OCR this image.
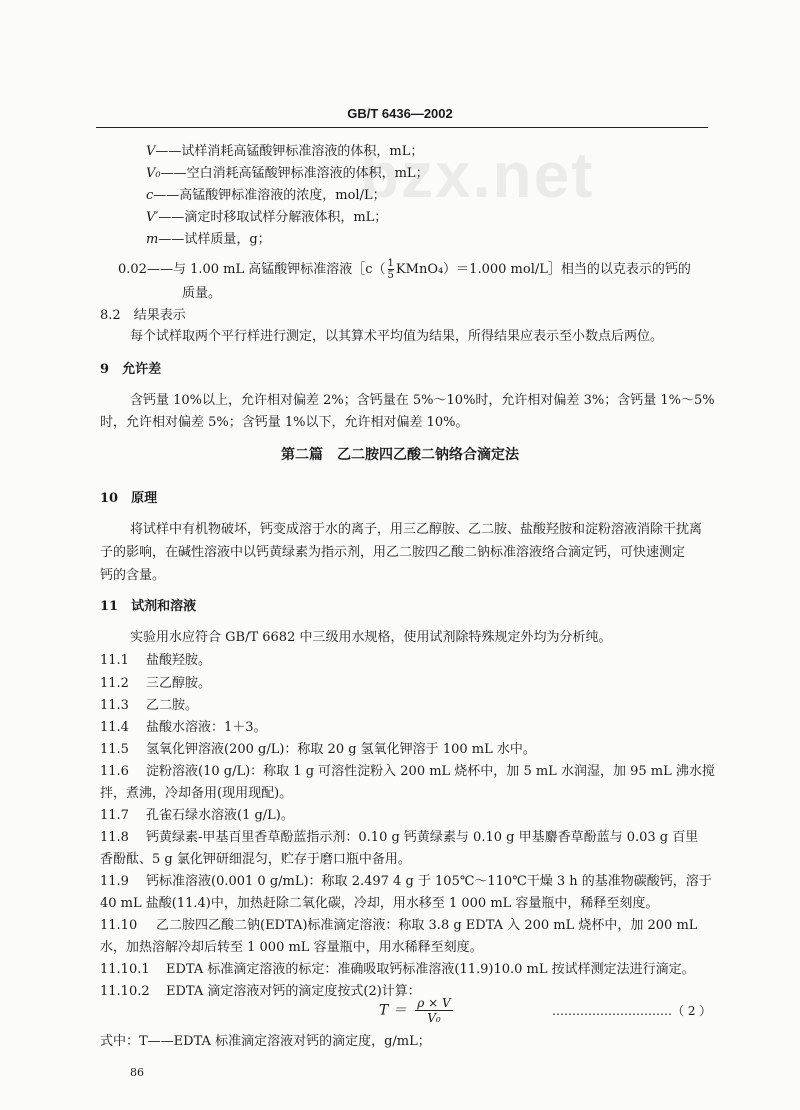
GB/T 6436—2002
bzx.net
V——试样消耗高锰酸钾标准溶液的体积，mL；
V₀——空白消耗高锰酸钾标准溶液的体积，mL；
c——高锰酸钾标准溶液的浓度，mol/L；
V′——滴定时移取试样分解液体积，mL；
m——试样质量，g；
0.02——与 1.00 mL 高锰酸钾标准溶液［c（ $\frac{1}{5}$ KMnO₄）＝1.000 mol/L］相当的以克表示的钙的
质量。
8.2　 结果表示
每个试样取两个平行样进行测定，以其算术平均值为结果，所得结果应表示至小数点后两位。
9　 允许差
含钙量 10%以上，允许相对偏差 2%；含钙量在 5%～10%时，允许相对偏差 3%；含钙量 1%～5%
时，允许相对偏差 5%；含钙量 1%以下，允许相对偏差 10%。
第二篇　乙二胺四乙酸二钠络合滴定法
10　 原理
将试样中有机物破坏，钙变成溶于水的离子，用三乙醇胺、乙二胺、盐酸羟胺和淀粉溶液消除干扰离
子的影响，在碱性溶液中以钙黄绿素为指示剂，用乙二胺四乙酸二钠标准溶液络合滴定钙，可快速测定
钙的含量。
11　 试剂和溶液
实验用水应符合 GB/T 6682 中三级用水规格，使用试剂除特殊规定外均为分析纯。
11.1 盐酸羟胺。
11.2 三乙醇胺。
11.3 乙二胺。
11.4 盐酸水溶液：1＋3。
11.5 氢氧化钾溶液(200 g/L)：称取 20 g 氢氧化钾溶于 100 mL 水中。
11.6 淀粉溶液(10 g/L)：称取 1 g 可溶性淀粉入 200 mL 烧杯中，加 5 mL 水润湿，加 95 mL 沸水搅
拌，煮沸，冷却备用(现用现配)。
11.7 孔雀石绿水溶液(1 g/L)。
11.8 钙黄绿素-甲基百里香草酚蓝指示剂：0.10 g 钙黄绿素与 0.10 g 甲基麝香草酚蓝与 0.03 g 百里
香酚酞、5 g 氯化钾研细混匀，贮存于磨口瓶中备用。
11.9 钙标准溶液(0.001 0 g/mL)：称取 2.497 4 g 于 105℃～110℃干燥 3 h 的基准物碳酸钙，溶于
40 mL 盐酸(11.4)中，加热赶除二氧化碳，冷却，用水移至 1 000 mL 容量瓶中，稀释至刻度。
11.10 乙二胺四乙酸二钠(EDTA)标准滴定溶液：称取 3.8 g EDTA 入 200 mL 烧杯中，加 200 mL
水，加热溶解冷却后转至 1 000 mL 容量瓶中，用水稀释至刻度。
11.10.1 EDTA 标准滴定溶液的标定：准确吸取钙标准溶液(11.9)10.0 mL 按试样测定法进行滴定。
11.10.2 EDTA 滴定溶液对钙的滴定度按式(2)计算：
$T = \frac{\rho \times V}{\text{V₀}}$	…………………………（ 2 ）
式中：T——EDTA 标准滴定溶液对钙的滴定度，g/mL；
86
